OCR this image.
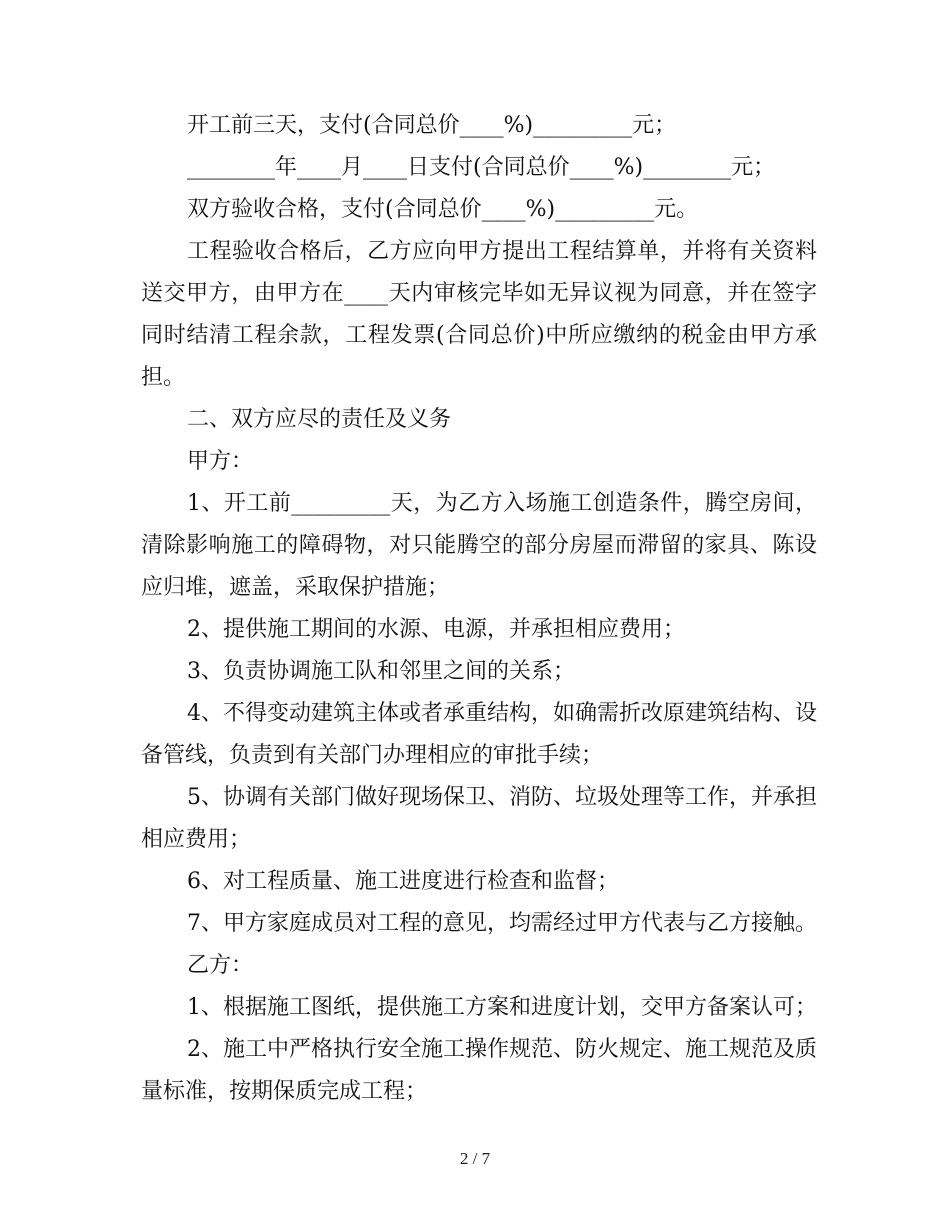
开工前三天，支付(合同总价____%)_________元；

________年____月____日支付(合同总价____%)________元；

双方验收合格，支付(合同总价____%)_________元。

工程验收合格后，乙方应向甲方提出工程结算单，并将有关资料送交甲方，由甲方在____天内审核完毕如无异议视为同意，并在签字同时结清工程余款，工程发票(合同总价)中所应缴纳的税金由甲方承担。

二、双方应尽的责任及义务

甲方：

1、开工前_________天，为乙方入场施工创造条件，腾空房间，清除影响施工的障碍物，对只能腾空的部分房屋而滞留的家具、陈设应归堆，遮盖，采取保护措施；

2、提供施工期间的水源、电源，并承担相应费用；

3、负责协调施工队和邻里之间的关系；

4、不得变动建筑主体或者承重结构，如确需折改原建筑结构、设备管线，负责到有关部门办理相应的审批手续；

5、协调有关部门做好现场保卫、消防、垃圾处理等工作，并承担相应费用；

6、对工程质量、施工进度进行检查和监督；

7、甲方家庭成员对工程的意见，均需经过甲方代表与乙方接触。

乙方：

1、根据施工图纸，提供施工方案和进度计划，交甲方备案认可；

2、施工中严格执行安全施工操作规范、防火规定、施工规范及质量标准，按期保质完成工程；

2 / 7
